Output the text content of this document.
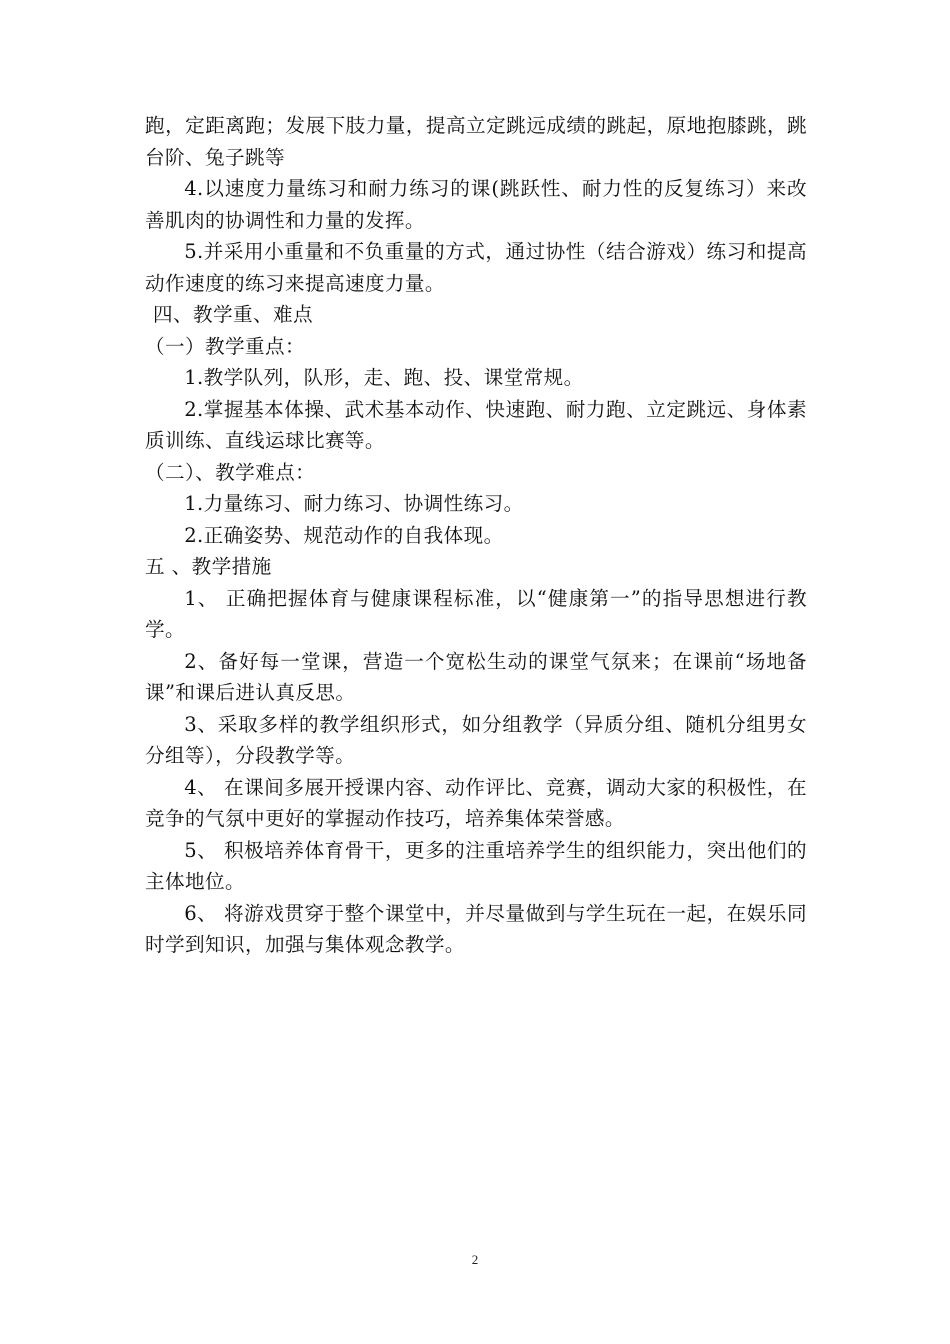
跑，定距离跑；发展下肢力量，提高立定跳远成绩的跳起，原地抱膝跳，跳台阶、兔子跳等

4.以速度力量练习和耐力练习的课(跳跃性、耐力性的反复练习）来改善肌肉的协调性和力量的发挥。

5.并采用小重量和不负重量的方式，通过协性（结合游戏）练习和提高动作速度的练习来提高速度力量。

四、教学重、难点

（一）教学重点：

1.教学队列，队形，走、跑、投、课堂常规。

2.掌握基本体操、武术基本动作、快速跑、耐力跑、立定跳远、身体素质训练、直线运球比赛等。

（二）、教学难点：

1.力量练习、耐力练习、协调性练习。

2.正确姿势、规范动作的自我体现。

五 、教学措施

1、 正确把握体育与健康课程标准，以“健康第一”的指导思想进行教学。

2、备好每一堂课，营造一个宽松生动的课堂气氛来；在课前“场地备课”和课后进认真反思。

3、采取多样的教学组织形式，如分组教学（异质分组、随机分组男女分组等），分段教学等。

4、 在课间多展开授课内容、动作评比、竞赛，调动大家的积极性，在竞争的气氛中更好的掌握动作技巧，培养集体荣誉感。

5、 积极培养体育骨干，更多的注重培养学生的组织能力，突出他们的主体地位。

6、 将游戏贯穿于整个课堂中，并尽量做到与学生玩在一起，在娱乐同时学到知识，加强与集体观念教学。

2
